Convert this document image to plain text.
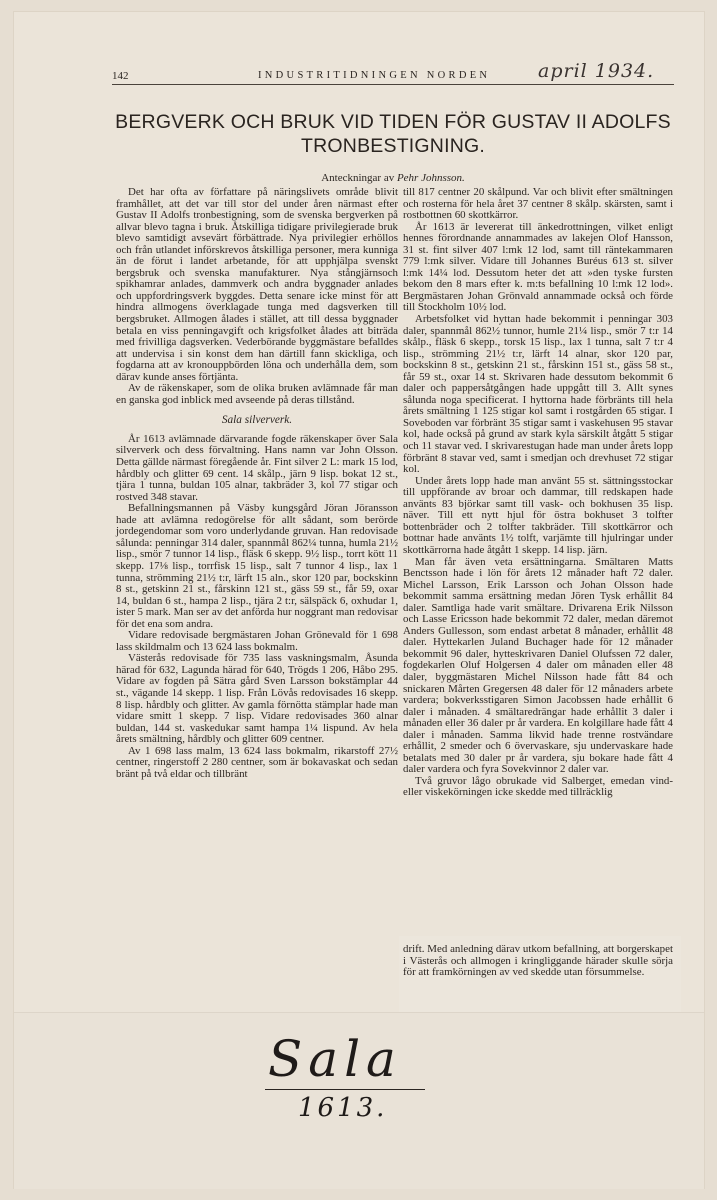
142	INDUSTRITIDNINGEN NORDEN	april 1934.
BERGVERK OCH BRUK VID TIDEN FÖR GUSTAV II ADOLFS TRONBESTIGNING.
Anteckningar av Pehr Johnsson.

Det har ofta av författare på näringslivets område blivit framhållet, att det var till stor del under åren närmast efter Gustav II Adolfs tronbestigning, som de svenska bergverken på allvar blevo tagna i bruk. Åtskilliga tidigare privilegierade bruk blevo samtidigt avsevärt förbättrade. Nya privilegier erhöllos och från utlandet införskrevos åtskilliga personer, mera kunniga än de förut i landet arbetande, för att upphjälpa svenskt bergsbruk och svenska manufakturer. Nya stångjärnsoch spikhamrar anlades, dammverk och andra byggnader anlades och uppfordringsverk byggdes. Detta senare icke minst för att hindra allmogens överklagade tunga med dagsverken till bergsbruket. Allmogen ålades i stället, att till dessa byggnader betala en viss penningavgift och krigsfolket ålades att biträda med frivilliga dagsverken. Vederbörande byggmästare befalldes att undervisa i sin konst dem han därtill fann skickliga, och fogdarna att av kronouppbörden löna och underhålla dem, som därav kunde anses förtjänta.

Av de räkenskaper, som de olika bruken avlämnade får man en ganska god inblick med avseende på deras tillstånd.

Sala silververk.

År 1613 avlämnade därvarande fogde räkenskaper över Sala silververk och dess förvaltning. Hans namn var John Olsson. Detta gällde närmast föregående år. Fint silver 2 L: mark 15 lod, hårdbly och glitter 69 cent. 14 skålp., järn 9 lisp. bokat 12 st., tjära 1 tunna, buldan 105 alnar, takbräder 3, kol 77 stigar och rostved 348 stavar.

Befallningsmannen på Väsby kungsgård Jöran Jöransson hade att avlämna redogörelse för allt sådant, som berörde jordegendomar som voro underlydande gruvan. Han redovisade sålunda: penningar 314 daler, spannmål 862¼ tunna, humla 21½ lisp., smör 7 tunnor 14 lisp., fläsk 6 skepp. 9½ lisp., torrt kött 11 skepp. 17⅛ lisp., torrfisk 15 lisp., salt 7 tunnor 4 lisp., lax 1 tunna, strömming 21½ t:r, lärft 15 aln., skor 120 par, bockskinn 8 st., getskinn 21 st., fårskinn 121 st., gäss 59 st., får 59, oxar 14, buldan 6 st., hampa 2 lisp., tjära 2 t:r, sälspäck 6, oxhudar 1, ister 5 mark. Man ser av det anförda hur noggrant man redovisar för det ena som andra.

Vidare redovisade bergmästaren Johan Grönevald för 1 698 lass skildmalm och 13 624 lass bokmalm.

Västerås redovisade för 735 lass vaskningsmalm, Åsunda härad för 632, Lagunda härad för 640, Trögds 1 206, Håbo 295. Vidare av fogden på Sätra gård Sven Larsson bokstämplar 44 st., vägande 14 skepp. 1 lisp. Från Lövås redovisades 16 skepp. 8 lisp. hårdbly och glitter. Av gamla förnötta stämplar hade man vidare smitt 1 skepp. 7 lisp. Vidare redovisades 360 alnar buldan, 144 st. vaskedukar samt hampa 1¼ lispund. Av hela årets smältning, hårdbly och glitter 609 centner.

Av 1 698 lass malm, 13 624 lass bokmalm, rikarstoff 27½ centner, ringerstoff 2 280 centner, som är bokavaskat och sedan bränt på två eldar och tillbränt

till 817 centner 20 skålpund. Var och blivit efter smältningen och rosterna för hela året 37 centner 8 skålp. skärsten, samt i rostbottnen 60 skottkärror.

År 1613 är levererat till änkedrottningen, vilket enligt hennes förordnande annammades av lakejen Olof Hansson, 31 st. fint silver 407 l:mk 12 lod, samt till räntekammaren 779 l:mk silver. Vidare till Johannes Buréus 613 st. silver l:mk 14¼ lod. Dessutom heter det att »den tyske fursten bekom den 8 mars efter k. m:ts befallning 10 l:mk 12 lod». Bergmästaren Johan Grönvald annammade också och förde till Stockholm 10½ lod.

Arbetsfolket vid hyttan hade bekommit i penningar 303 daler, spannmål 862½ tunnor, humle 21¼ lisp., smör 7 t:r 14 skålp., fläsk 6 skepp., torsk 15 lisp., lax 1 tunna, salt 7 t:r 4 lisp., strömming 21½ t:r, lärft 14 alnar, skor 120 par, bockskinn 8 st., getskinn 21 st., fårskinn 151 st., gäss 58 st., får 59 st., oxar 14 st. Skrivaren hade dessutom bekommit 6 daler och pappersåtgången hade uppgått till 3. Allt synes sålunda noga specificerat. I hyttorna hade förbränts till hela årets smältning 1 125 stigar kol samt i rostgården 65 stigar. I Soveboden var förbränt 35 stigar samt i vaskehusen 95 stavar kol, hade också på grund av stark kyla särskilt åtgått 5 stigar och 11 stavar ved. I skrivarestugan hade man under årets lopp förbränt 8 stavar ved, samt i smedjan och drevhuset 72 stigar kol.

Under årets lopp hade man använt 55 st. sättningsstockar till uppförande av broar och dammar, till redskapen hade använts 83 björkar samt till vask- och bokhusen 35 lisp. näver. Till ett nytt hjul för östra bokhuset 3 tolfter bottenbräder och 2 tolfter takbräder. Till skottkärror och bottnar hade använts 1½ tolft, varjämte till hjulringar under skottkärrorna hade åtgått 1 skepp. 14 lisp. järn.

Man får även veta ersättningarna. Smältaren Matts Benctsson hade i lön för årets 12 månader haft 72 daler. Michel Larsson, Erik Larsson och Johan Olsson hade bekommit samma ersättning medan Jören Tysk erhållit 84 daler. Samtliga hade varit smältare. Drivarena Erik Nilsson och Lasse Ericsson hade bekommit 72 daler, medan däremot Anders Gullesson, som endast arbetat 8 månader, erhållit 48 daler. Hyttekarlen Juland Buchager hade för 12 månader bekommit 96 daler, hytteskrivaren Daniel Olufssen 72 daler, fogdekarlen Oluf Holgersen 4 daler om månaden eller 48 daler, byggmästaren Michel Nilsson hade fått 84 och snickaren Mårten Gregersen 48 daler för 12 månaders arbete vardera; bokverksstigaren Simon Jacobssen hade erhållit 6 daler i månaden. 4 smältaredrängar hade erhållit 3 daler i månaden eller 36 daler pr år vardera. En kolgillare hade fått 4 daler i månaden. Samma likvid hade trenne rostvändare erhållit, 2 smeder och 6 övervaskare, sju undervaskare hade betalats med 30 daler pr år vardera, sju bokare hade fått 4 daler vardera och fyra Sovekvinnor 2 daler var.

Två gruvor lågo obrukade vid Salberget, emedan vind- eller viskekörningen icke skedde med tillräcklig

drift. Med anledning därav utkom befallning, att borgerskapet i Västerås och allmogen i kringliggande härader skulle sörja för att framkörningen av ved skedde utan försummelse.

Sala
1613.
